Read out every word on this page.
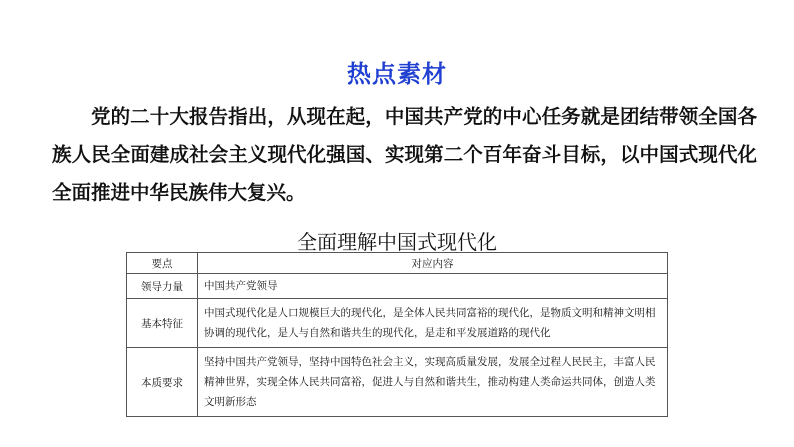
热点素材

党的二十大报告指出，从现在起，中国共产党的中心任务就是团结带领全国各族人民全面建成社会主义现代化强国、实现第二个百年奋斗目标，以中国式现代化全面推进中华民族伟大复兴。

全面理解中国式现代化
要点	对应内容
领导力量	中国共产党领导
基本特征	中国式现代化是人口规模巨大的现代化，是全体人民共同富裕的现代化，是物质文明和精神文明相协调的现代化，是人与自然和谐共生的现代化，是走和平发展道路的现代化
本质要求	坚持中国共产党领导，坚持中国特色社会主义，实现高质量发展，发展全过程人民民主，丰富人民精神世界，实现全体人民共同富裕，促进人与自然和谐共生，推动构建人类命运共同体，创造人类文明新形态
